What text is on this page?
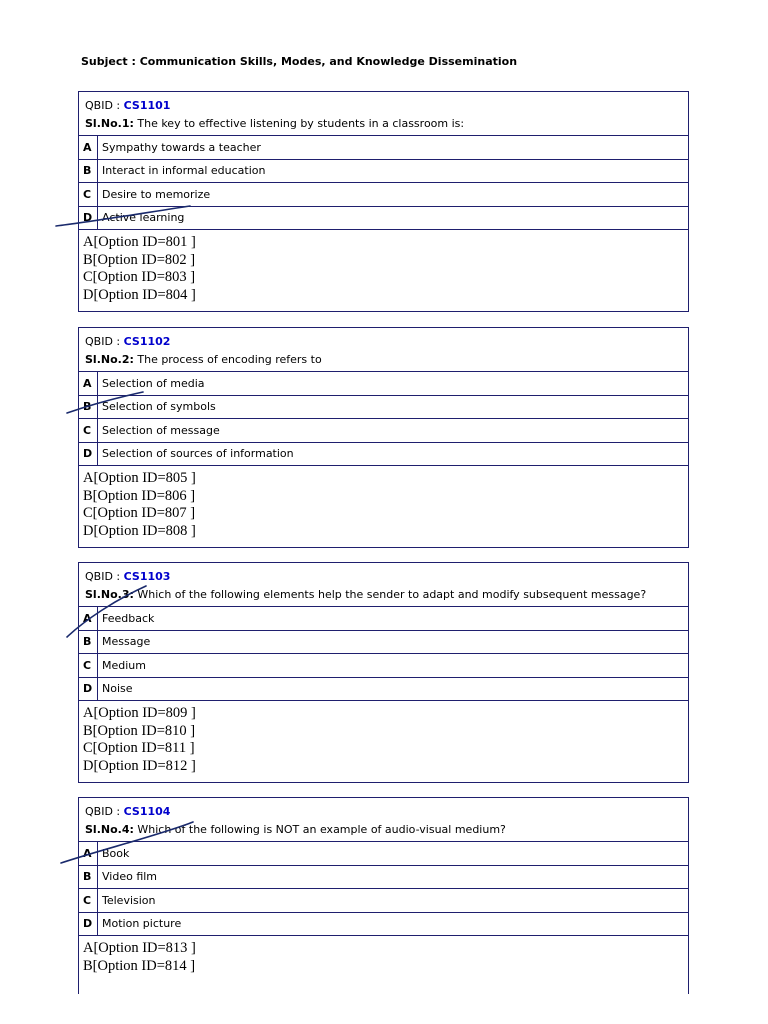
Subject : Communication Skills, Modes, and Knowledge Dissemination
QBID : CS1101
Sl.No.1: The key to effective listening by students in a classroom is:
A Sympathy towards a teacher
B Interact in informal education
C Desire to memorize
D Active learning
A[Option ID=801 ]
B[Option ID=802 ]
C[Option ID=803 ]
D[Option ID=804 ]
QBID : CS1102
Sl.No.2: The process of encoding refers to
A Selection of media
B Selection of symbols
C Selection of message
D Selection of sources of information
A[Option ID=805 ]
B[Option ID=806 ]
C[Option ID=807 ]
D[Option ID=808 ]
QBID : CS1103
Sl.No.3: Which of the following elements help the sender to adapt and modify subsequent message?
A Feedback
B Message
C Medium
D Noise
A[Option ID=809 ]
B[Option ID=810 ]
C[Option ID=811 ]
D[Option ID=812 ]
QBID : CS1104
Sl.No.4: Which of the following is NOT an example of audio-visual medium?
A Book
B Video film
C Television
D Motion picture
A[Option ID=813 ]
B[Option ID=814 ]
